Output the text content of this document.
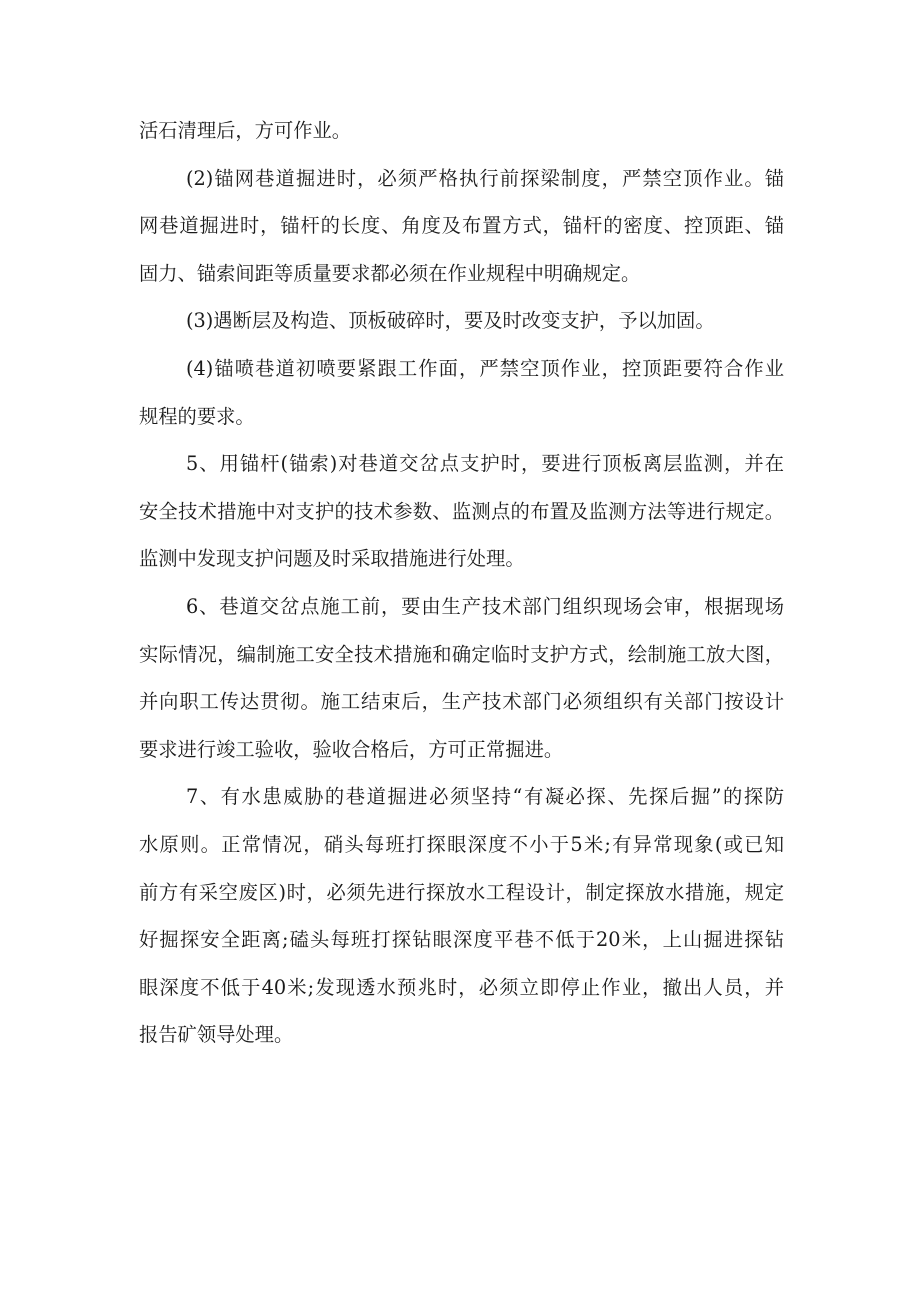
活石清理后，方可作业。
(2)锚网巷道掘进时，必须严格执行前探梁制度，严禁空顶作业。锚
网巷道掘进时，锚杆的长度、角度及布置方式，锚杆的密度、控顶距、锚
固力、锚索间距等质量要求都必须在作业规程中明确规定。
(3)遇断层及构造、顶板破碎时，要及时改变支护，予以加固。
(4)锚喷巷道初喷要紧跟工作面，严禁空顶作业，控顶距要符合作业
规程的要求。
5、用锚杆(锚索)对巷道交岔点支护时，要进行顶板离层监测，并在
安全技术措施中对支护的技术参数、监测点的布置及监测方法等进行规定。
监测中发现支护问题及时采取措施进行处理。
6、巷道交岔点施工前，要由生产技术部门组织现场会审，根据现场
实际情况，编制施工安全技术措施和确定临时支护方式，绘制施工放大图，
并向职工传达贯彻。施工结束后，生产技术部门必须组织有关部门按设计
要求进行竣工验收，验收合格后，方可正常掘进。
7、有水患威胁的巷道掘进必须坚持“有凝必探、先探后掘”的探防
水原则。正常情况，硝头每班打探眼深度不小于5米;有异常现象(或已知
前方有采空废区)时，必须先进行探放水工程设计，制定探放水措施，规定
好掘探安全距离;磕头每班打探钻眼深度平巷不低于20米，上山掘进探钻
眼深度不低于40米;发现透水预兆时，必须立即停止作业，撤出人员，并
报告矿领导处理。
